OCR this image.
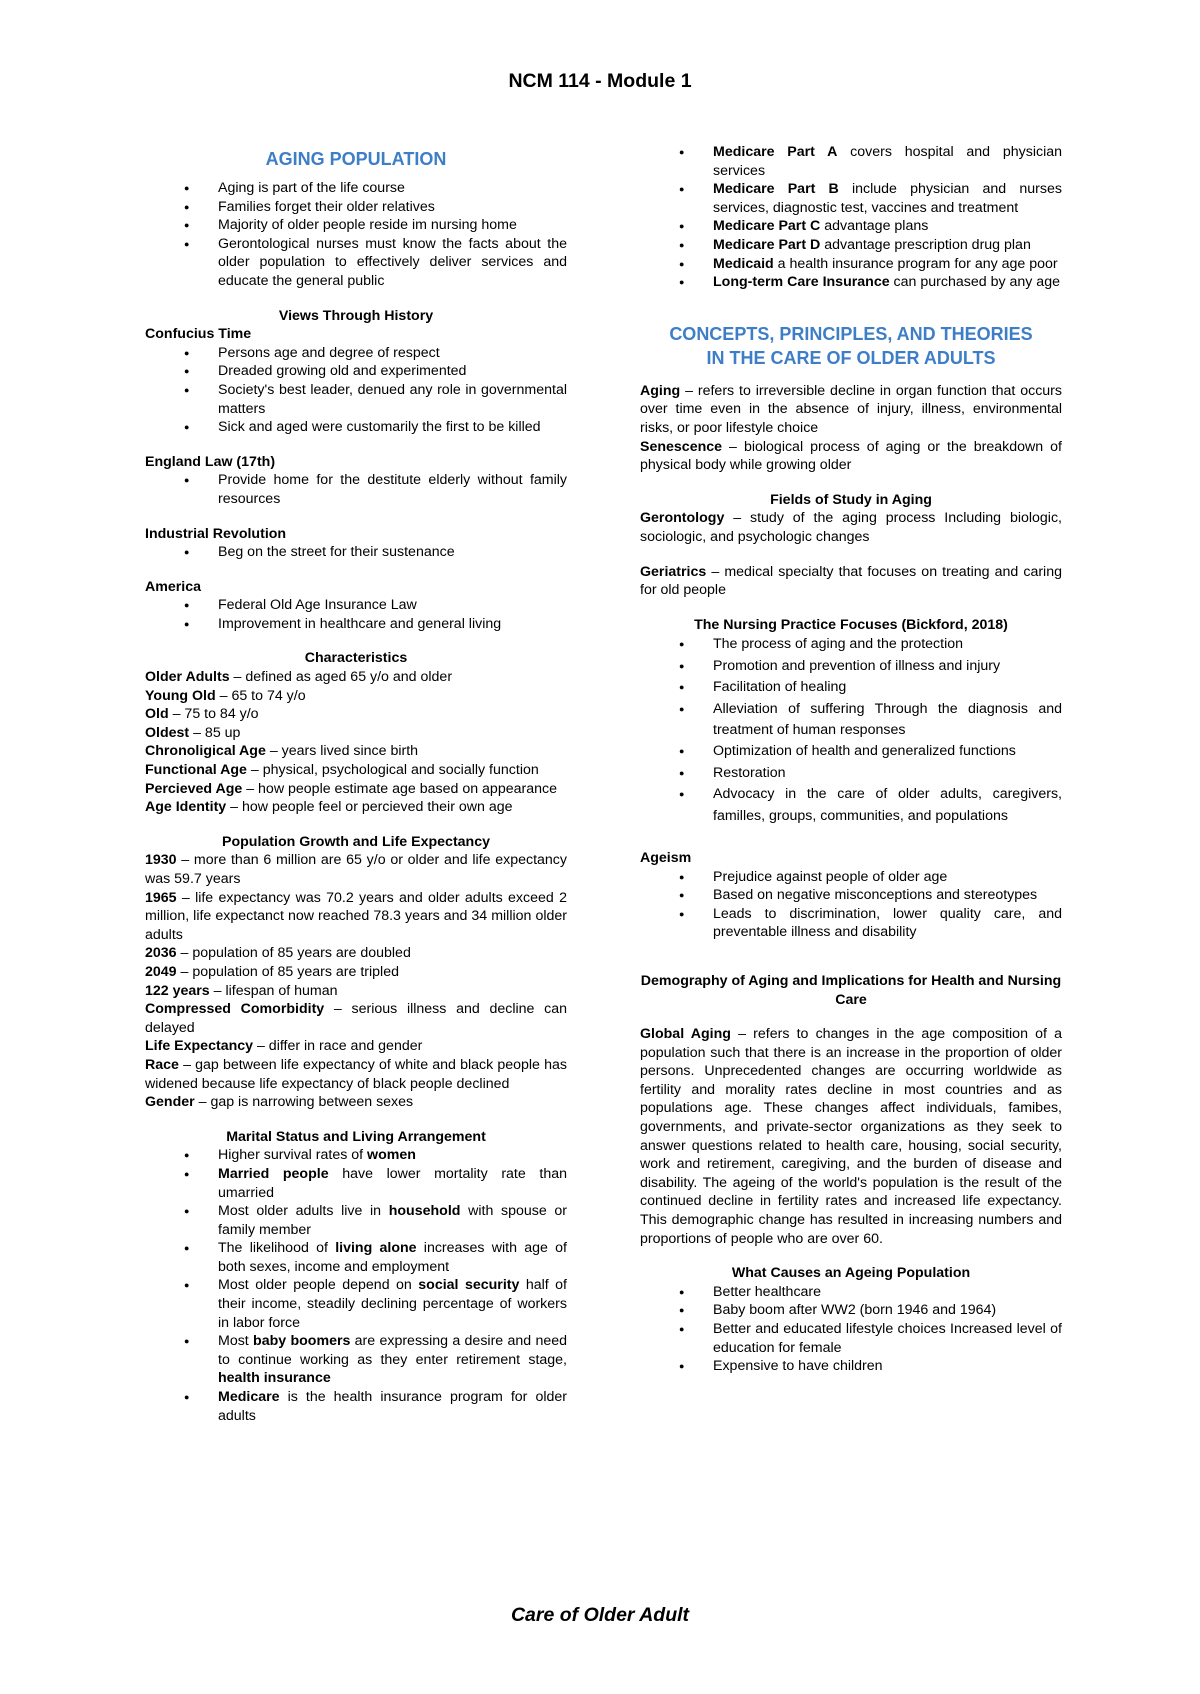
NCM 114 - Module 1
AGING POPULATION
● Aging is part of the life course
● Families forget their older relatives
● Majority of older people reside im nursing home
● Gerontological nurses must know the facts about the older population to effectively deliver services and educate the general public
Views Through History
Confucius Time
● Persons age and degree of respect
● Dreaded growing old and experimented
● Society's best leader, denued any role in governmental matters
● Sick and aged were customarily the first to be killed
England Law (17th)
● Provide home for the destitute elderly without family resources
Industrial Revolution
● Beg on the street for their sustenance
America
● Federal Old Age Insurance Law
● Improvement in healthcare and general living
Characteristics
Older Adults – defined as aged 65 y/o and older
Young Old – 65 to 74 y/o
Old – 75 to 84 y/o
Oldest – 85 up
Chronoligical Age – years lived since birth
Functional Age – physical, psychological and socially function
Percieved Age – how people estimate age based on appearance
Age Identity – how people feel or percieved their own age
Population Growth and Life Expectancy
1930 – more than 6 million are 65 y/o or older and life expectancy was 59.7 years
1965 – life expectancy was 70.2 years and older adults exceed 2 million, life expectanct now reached 78.3 years and 34 million older adults
2036 – population of 85 years are doubled
2049 – population of 85 years are tripled
122 years – lifespan of human
Compressed Comorbidity – serious illness and decline can delayed
Life Expectancy – differ in race and gender
Race – gap between life expectancy of white and black people has widened because life expectancy of black people declined
Gender – gap is narrowing between sexes
Marital Status and Living Arrangement
● Higher survival rates of women
● Married people have lower mortality rate than umarried
● Most older adults live in household with spouse or family member
● The likelihood of living alone increases with age of both sexes, income and employment
● Most older people depend on social security half of their income, steadily declining percentage of workers in labor force
● Most baby boomers are expressing a desire and need to continue working as they enter retirement stage, health insurance
● Medicare is the health insurance program for older adults
● Medicare Part A covers hospital and physician services
● Medicare Part B include physician and nurses services, diagnostic test, vaccines and treatment
● Medicare Part C advantage plans
● Medicare Part D advantage prescription drug plan
● Medicaid a health insurance program for any age poor
● Long-term Care Insurance can purchased by any age
CONCEPTS, PRINCIPLES, AND THEORIES
IN THE CARE OF OLDER ADULTS
Aging – refers to irreversible decline in organ function that occurs over time even in the absence of injury, illness, environmental risks, or poor lifestyle choice
Senescence – biological process of aging or the breakdown of physical body while growing older
Fields of Study in Aging
Gerontology – study of the aging process Including biologic, sociologic, and psychologic changes
Geriatrics – medical specialty that focuses on treating and caring for old people
The Nursing Practice Focuses (Bickford, 2018)
● The process of aging and the protection
● Promotion and prevention of illness and injury
● Facilitation of healing
● Alleviation of suffering Through the diagnosis and treatment of human responses
● Optimization of health and generalized functions
● Restoration
● Advocacy in the care of older adults, caregivers, familles, groups, communities, and populations
Ageism
● Prejudice against people of older age
● Based on negative misconceptions and stereotypes
● Leads to discrimination, lower quality care, and preventable illness and disability
Demography of Aging and Implications for Health and Nursing Care
Global Aging – refers to changes in the age composition of a population such that there is an increase in the proportion of older persons. Unprecedented changes are occurring worldwide as fertility and morality rates decline in most countries and as populations age. These changes affect individuals, famibes, governments, and private-sector organizations as they seek to answer questions related to health care, housing, social security, work and retirement, caregiving, and the burden of disease and disability. The ageing of the world's population is the result of the continued decline in fertility rates and increased life expectancy. This demographic change has resulted in increasing numbers and proportions of people who are over 60.
What Causes an Ageing Population
● Better healthcare
● Baby boom after WW2 (born 1946 and 1964)
● Better and educated lifestyle choices Increased level of education for female
● Expensive to have children
Care of Older Adult
